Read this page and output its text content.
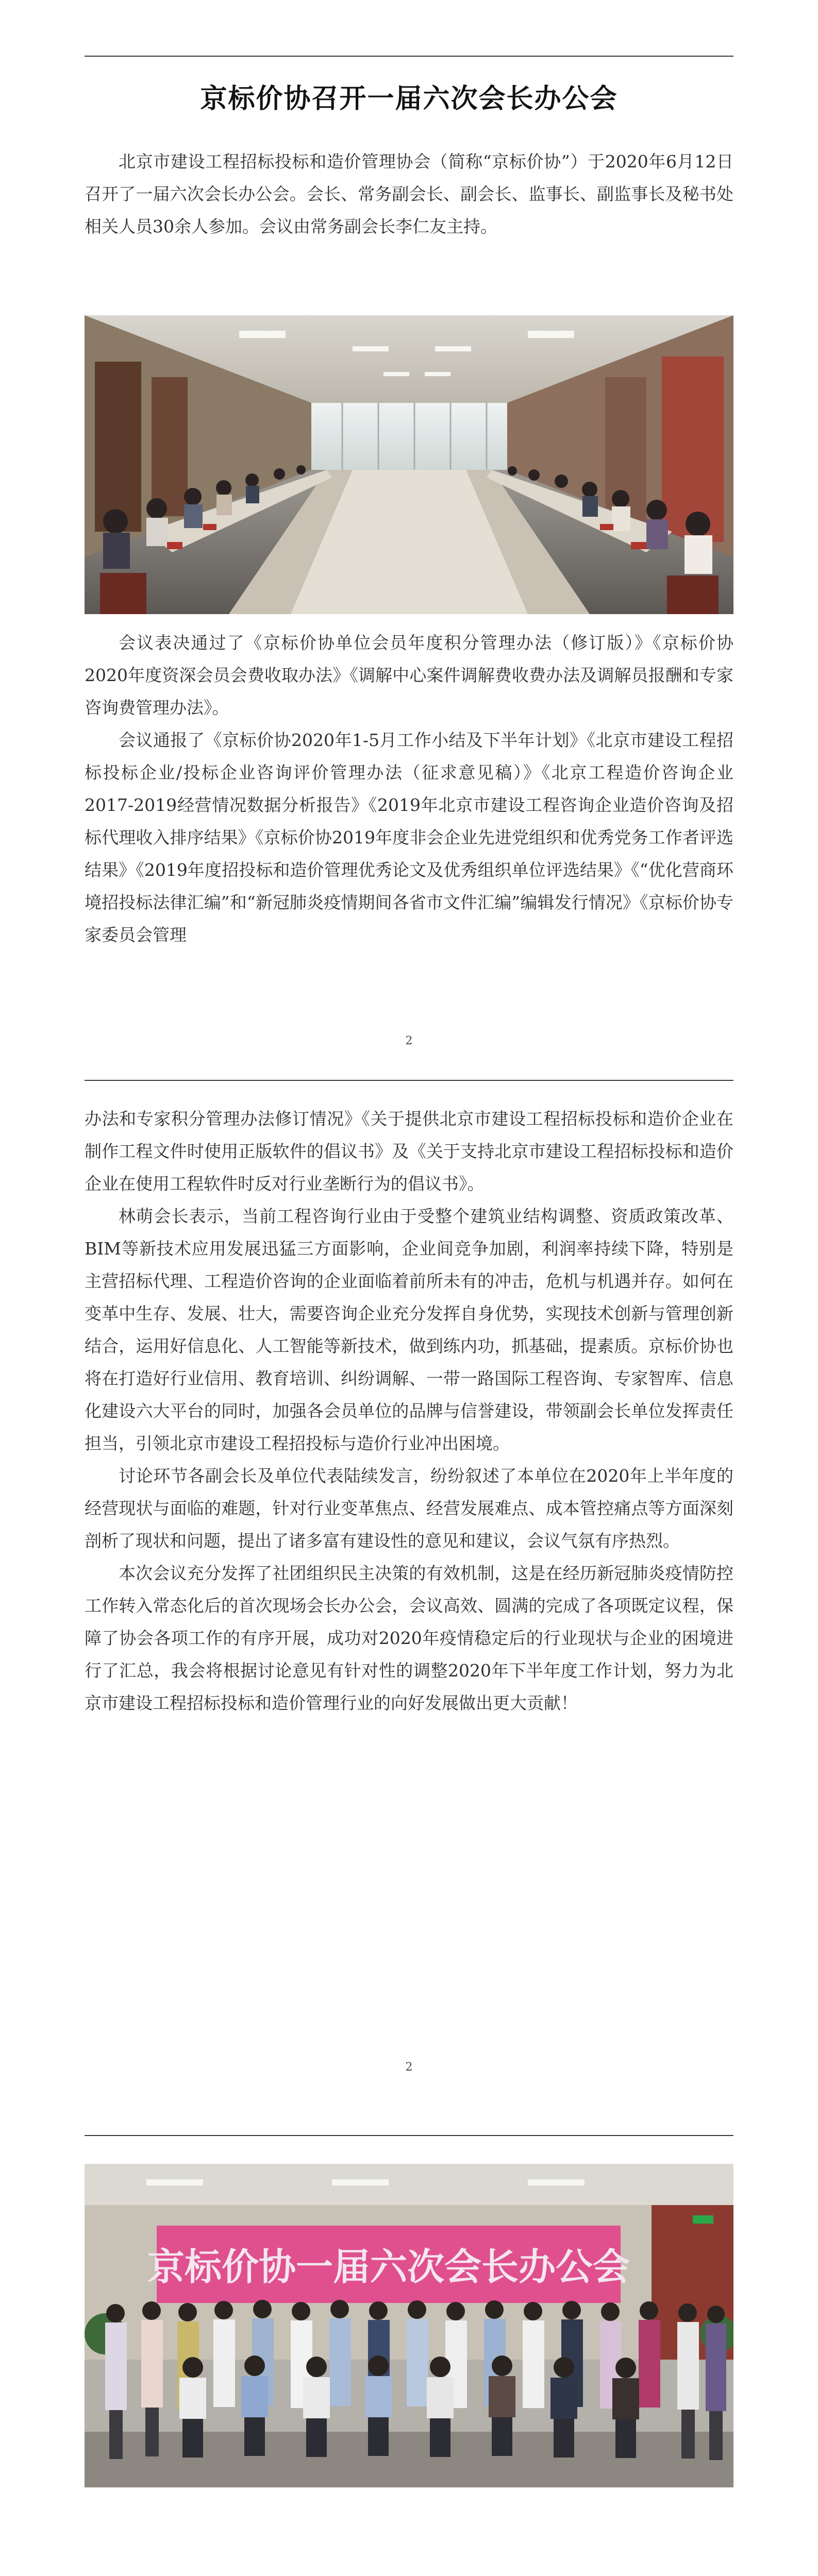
京标价协召开一届六次会长办公会

北京市建设工程招标投标和造价管理协会（简称“京标价协”）于2020年6月12日召开了一届六次会长办公会。会长、常务副会长、副会长、监事长、副监事长及秘书处相关人员30余人参加。会议由常务副会长李仁友主持。

会议表决通过了《京标价协单位会员年度积分管理办法（修订版）》《京标价协2020年度资深会员会费收取办法》《调解中心案件调解费收费办法及调解员报酬和专家咨询费管理办法》。

会议通报了《京标价协2020年1-5月工作小结及下半年计划》《北京市建设工程招标投标企业/投标企业咨询评价管理办法（征求意见稿）》《北京工程造价咨询企业2017-2019经营情况数据分析报告》《2019年北京市建设工程咨询企业造价咨询及招标代理收入排序结果》《京标价协2019年度非会企业先进党组织和优秀党务工作者评选结果》《2019年度招投标和造价管理优秀论文及优秀组织单位评选结果》《“优化营商环境招投标法律汇编”和“新冠肺炎疫情期间各省市文件汇编”编辑发行情况》《京标价协专家委员会管理

2

办法和专家积分管理办法修订情况》《关于提供北京市建设工程招标投标和造价企业在制作工程文件时使用正版软件的倡议书》及《关于支持北京市建设工程招标投标和造价企业在使用工程软件时反对行业垄断行为的倡议书》。

林萌会长表示，当前工程咨询行业由于受整个建筑业结构调整、资质政策改革、BIM等新技术应用发展迅猛三方面影响，企业间竞争加剧，利润率持续下降，特别是主营招标代理、工程造价咨询的企业面临着前所未有的冲击，危机与机遇并存。如何在变革中生存、发展、壮大，需要咨询企业充分发挥自身优势，实现技术创新与管理创新结合，运用好信息化、人工智能等新技术，做到练内功，抓基础，提素质。京标价协也将在打造好行业信用、教育培训、纠纷调解、一带一路国际工程咨询、专家智库、信息化建设六大平台的同时，加强各会员单位的品牌与信誉建设，带领副会长单位发挥责任担当，引领北京市建设工程招投标与造价行业冲出困境。

讨论环节各副会长及单位代表陆续发言，纷纷叙述了本单位在2020年上半年度的经营现状与面临的难题，针对行业变革焦点、经营发展难点、成本管控痛点等方面深刻剖析了现状和问题，提出了诸多富有建设性的意见和建议，会议气氛有序热烈。

本次会议充分发挥了社团组织民主决策的有效机制，这是在经历新冠肺炎疫情防控工作转入常态化后的首次现场会长办公会，会议高效、圆满的完成了各项既定议程，保障了协会各项工作的有序开展，成功对2020年疫情稳定后的行业现状与企业的困境进行了汇总，我会将根据讨论意见有针对性的调整2020年下半年度工作计划，努力为北京市建设工程招标投标和造价管理行业的向好发展做出更大贡献！

2
京标价协一届六次会长办公会
